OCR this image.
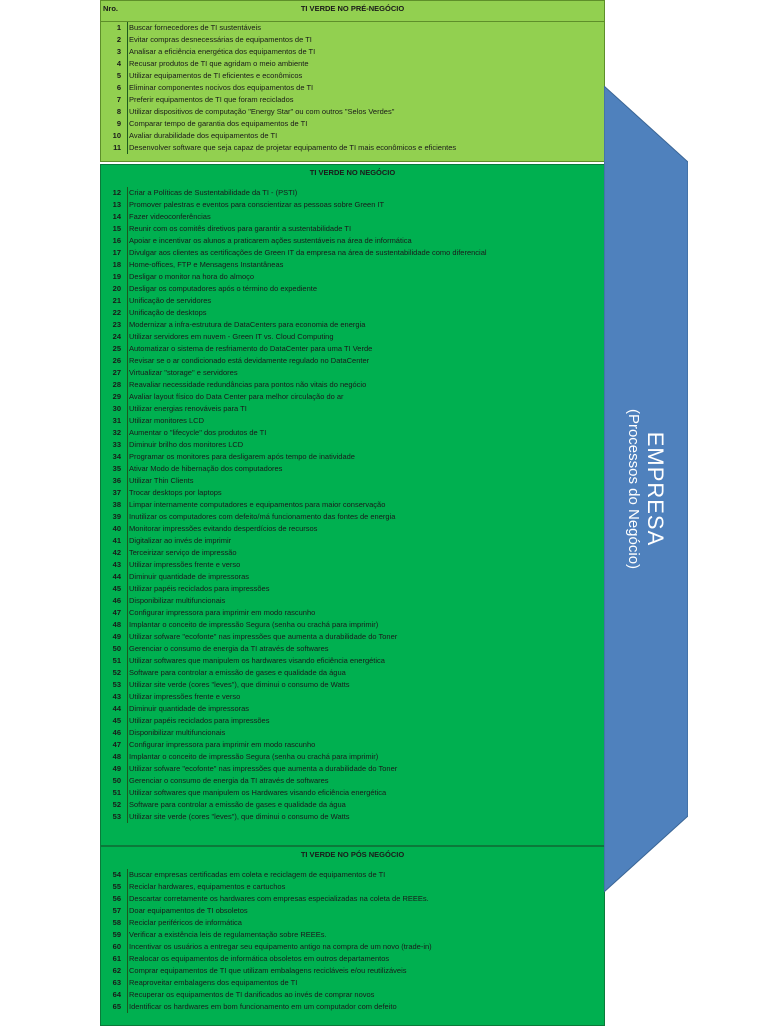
Nro.	TI VERDE NO PRÉ-NEGÓCIO
1	Buscar fornecedores de TI sustentáveis
2	Evitar compras desnecessárias de equipamentos de TI
3	Analisar a eficiência energética dos equipamentos de TI
4	Recusar produtos de TI que agridam o meio ambiente
5	Utilizar equipamentos de TI eficientes e econômicos
6	Eliminar componentes nocivos dos equipamentos de TI
7	Preferir equipamentos de TI que foram reciclados
8	Utilizar dispositivos de computação "Energy Star" ou com outros "Selos Verdes"
9	Comparar tempo de garantia dos equipamentos de TI
10	Avaliar durabilidade dos equipamentos de TI
11	Desenvolver software que seja capaz de projetar equipamento de TI mais econômicos e eficientes
TI VERDE NO NEGÓCIO
12	Criar a Políticas de Sustentabilidade da TI - (PSTI)
13	Promover palestras e eventos para conscientizar as pessoas sobre Green IT
14	Fazer videoconferências
15	Reunir com os comitês diretivos para garantir a sustentabilidade TI
16	Apoiar e incentivar os alunos a praticarem ações sustentáveis na área de informática
17	Divulgar aos clientes as certificações de Green IT da empresa na área de sustentabilidade como diferencial
18	Home-offices, FTP e Mensagens Instantâneas
19	Desligar o monitor na hora do almoço
20	Desligar os computadores após o término do expediente
21	Unificação de servidores
22	Unificação de desktops
23	Modernizar a infra-estrutura de DataCenters para economia de energia
24	Utilizar servidores em nuvem - Green IT vs. Cloud Computing
25	Automatizar o sistema de resfriamento do DataCenter para uma TI Verde
26	Revisar se o ar condicionado está devidamente regulado no DataCenter
27	Virtualizar "storage" e servidores
28	Reavaliar necessidade redundâncias para pontos não vitais do negócio
29	Avaliar layout físico do Data Center para melhor circulação do ar
30	Utilizar energias renováveis para TI
31	Utilizar monitores LCD
32	Aumentar o "lifecycle" dos produtos de TI
33	Diminuir brilho dos monitores LCD
34	Programar os monitores para desligarem após tempo de inatividade
35	Ativar Modo de hibernação dos computadores
36	Utilizar Thin Clients
37	Trocar desktops por laptops
38	Limpar internamente computadores e equipamentos para maior conservação
39	Inutilizar os computadores com defeito/má funcionamento das fontes de energia
40	Monitorar impressões evitando desperdícios de recursos
41	Digitalizar ao invés de imprimir
42	Terceirizar serviço de impressão
43	Utilizar impressões frente e verso
44	Diminuir quantidade de impressoras
45	Utilizar papéis reciclados para impressões
46	Disponibilizar multifuncionais
47	Configurar impressora para imprimir em modo rascunho
48	Implantar o conceito de impressão Segura (senha ou crachá para imprimir)
49	Utilizar sofware "ecofonte" nas impressões que aumenta a durabilidade do Toner
50	Gerenciar o consumo de energia da TI através de softwares
51	Utilizar softwares que manipulem os hardwares visando eficiência energética
52	Software para controlar a emissão de gases e qualidade da água
53	Utilizar site verde (cores "leves"), que diminui o consumo de Watts
43	Utilizar impressões frente e verso
44	Diminuir quantidade de impressoras
45	Utilizar papéis reciclados para impressões
46	Disponibilizar multifuncionais
47	Configurar impressora para imprimir em modo rascunho
48	Implantar o conceito de impressão Segura (senha ou crachá para imprimir)
49	Utilizar sofware "ecofonte" nas impressões que aumenta a durabilidade do Toner
50	Gerenciar o consumo de energia da TI através de softwares
51	Utilizar softwares que manipulem os Hardwares visando eficiência energética
52	Software para controlar a emissão de gases e qualidade da água
53	Utilizar site verde (cores "leves"), que diminui o consumo de Watts
TI VERDE NO PÓS NEGÓCIO
54	Buscar empresas certificadas em coleta e reciclagem de equipamentos de TI
55	Reciclar hardwares, equipamentos e cartuchos
56	Descartar corretamente os hardwares com empresas especializadas na coleta de REEEs.
57	Doar equipamentos de TI obsoletos
58	Reciclar periféricos de informática
59	Verificar a existência leis de regulamentação sobre REEEs.
60	Incentivar os usuários a entregar seu equipamento antigo na compra de um novo (trade-in)
61	Realocar os equipamentos de informática obsoletos em outros departamentos
62	Comprar equipamentos de TI que utilizam embalagens recicláveis e/ou reutilizáveis
63	Reaproveitar embalagens dos equipamentos de TI
64	Recuperar os equipamentos de TI danificados ao invés de comprar novos
65	Identificar os hardwares em bom funcionamento em um computador com defeito
EMPRESA
(Processos do Negócio)
